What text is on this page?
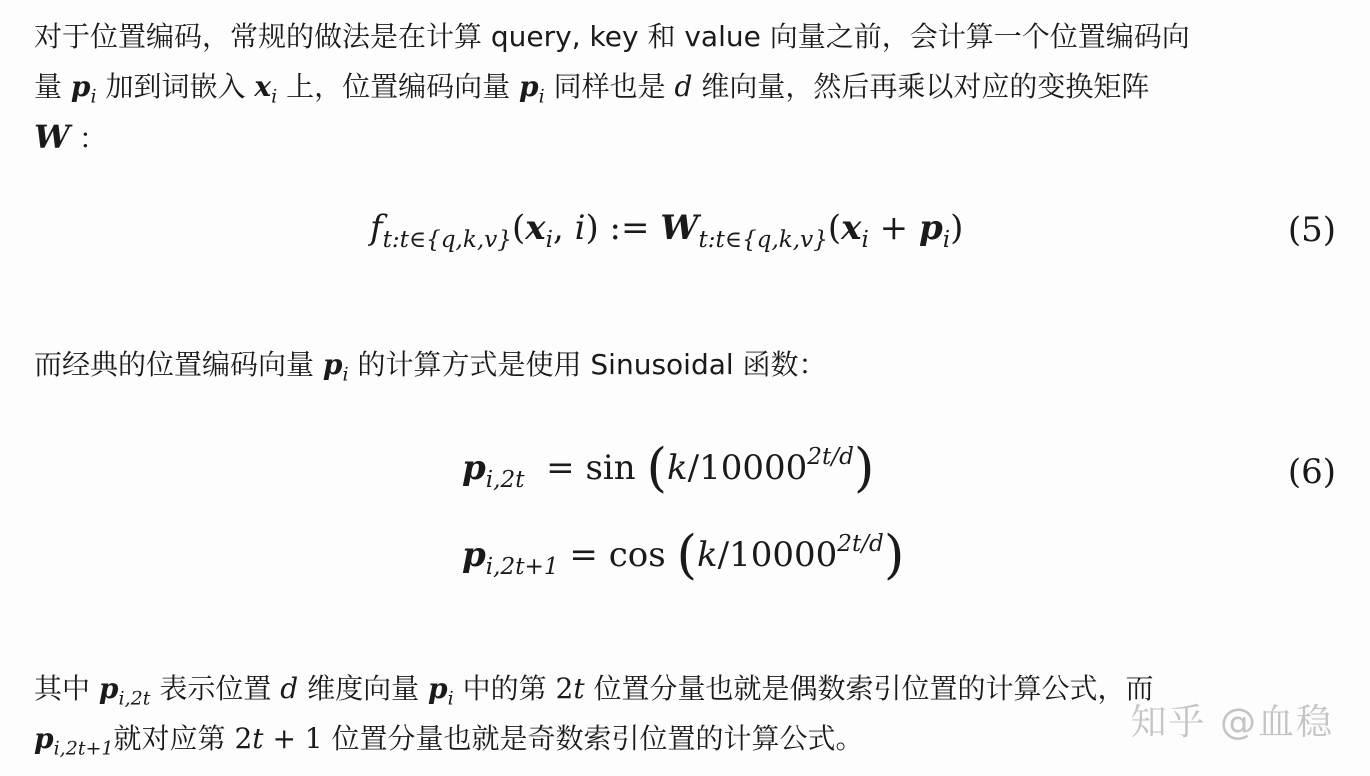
对于位置编码，常规的做法是在计算 query, key 和 value 向量之前，会计算一个位置编码向
量 $p_i$ 加到词嵌入 $x_i$ 上，位置编码向量 $p_i$ 同样也是 d 维向量，然后再乘以对应的变换矩阵
W ：
$f_{t:t\in\{q,k,v\}}(x_i$, i) := $W_{t:t\in\{q,k,v\}}(x_i + p_i)$	(5)
而经典的位置编码向量 $p_i$ 的计算方式是使用 Sinusoidal 函数：
$p_{i,2t} = \sin (k/10000^{2t/d})$	(6)
$p_{i,2t+1} = \cos (k/10000^{2t/d})$
其中 $p_{i,2t}$ 表示位置 d 维度向量 $p_i$ 中的第 2t 位置分量也就是偶数索引位置的计算公式，而
$p_{i,2t+1}$就对应第 2t + 1 位置分量也就是奇数索引位置的计算公式。	知乎 @血稳
